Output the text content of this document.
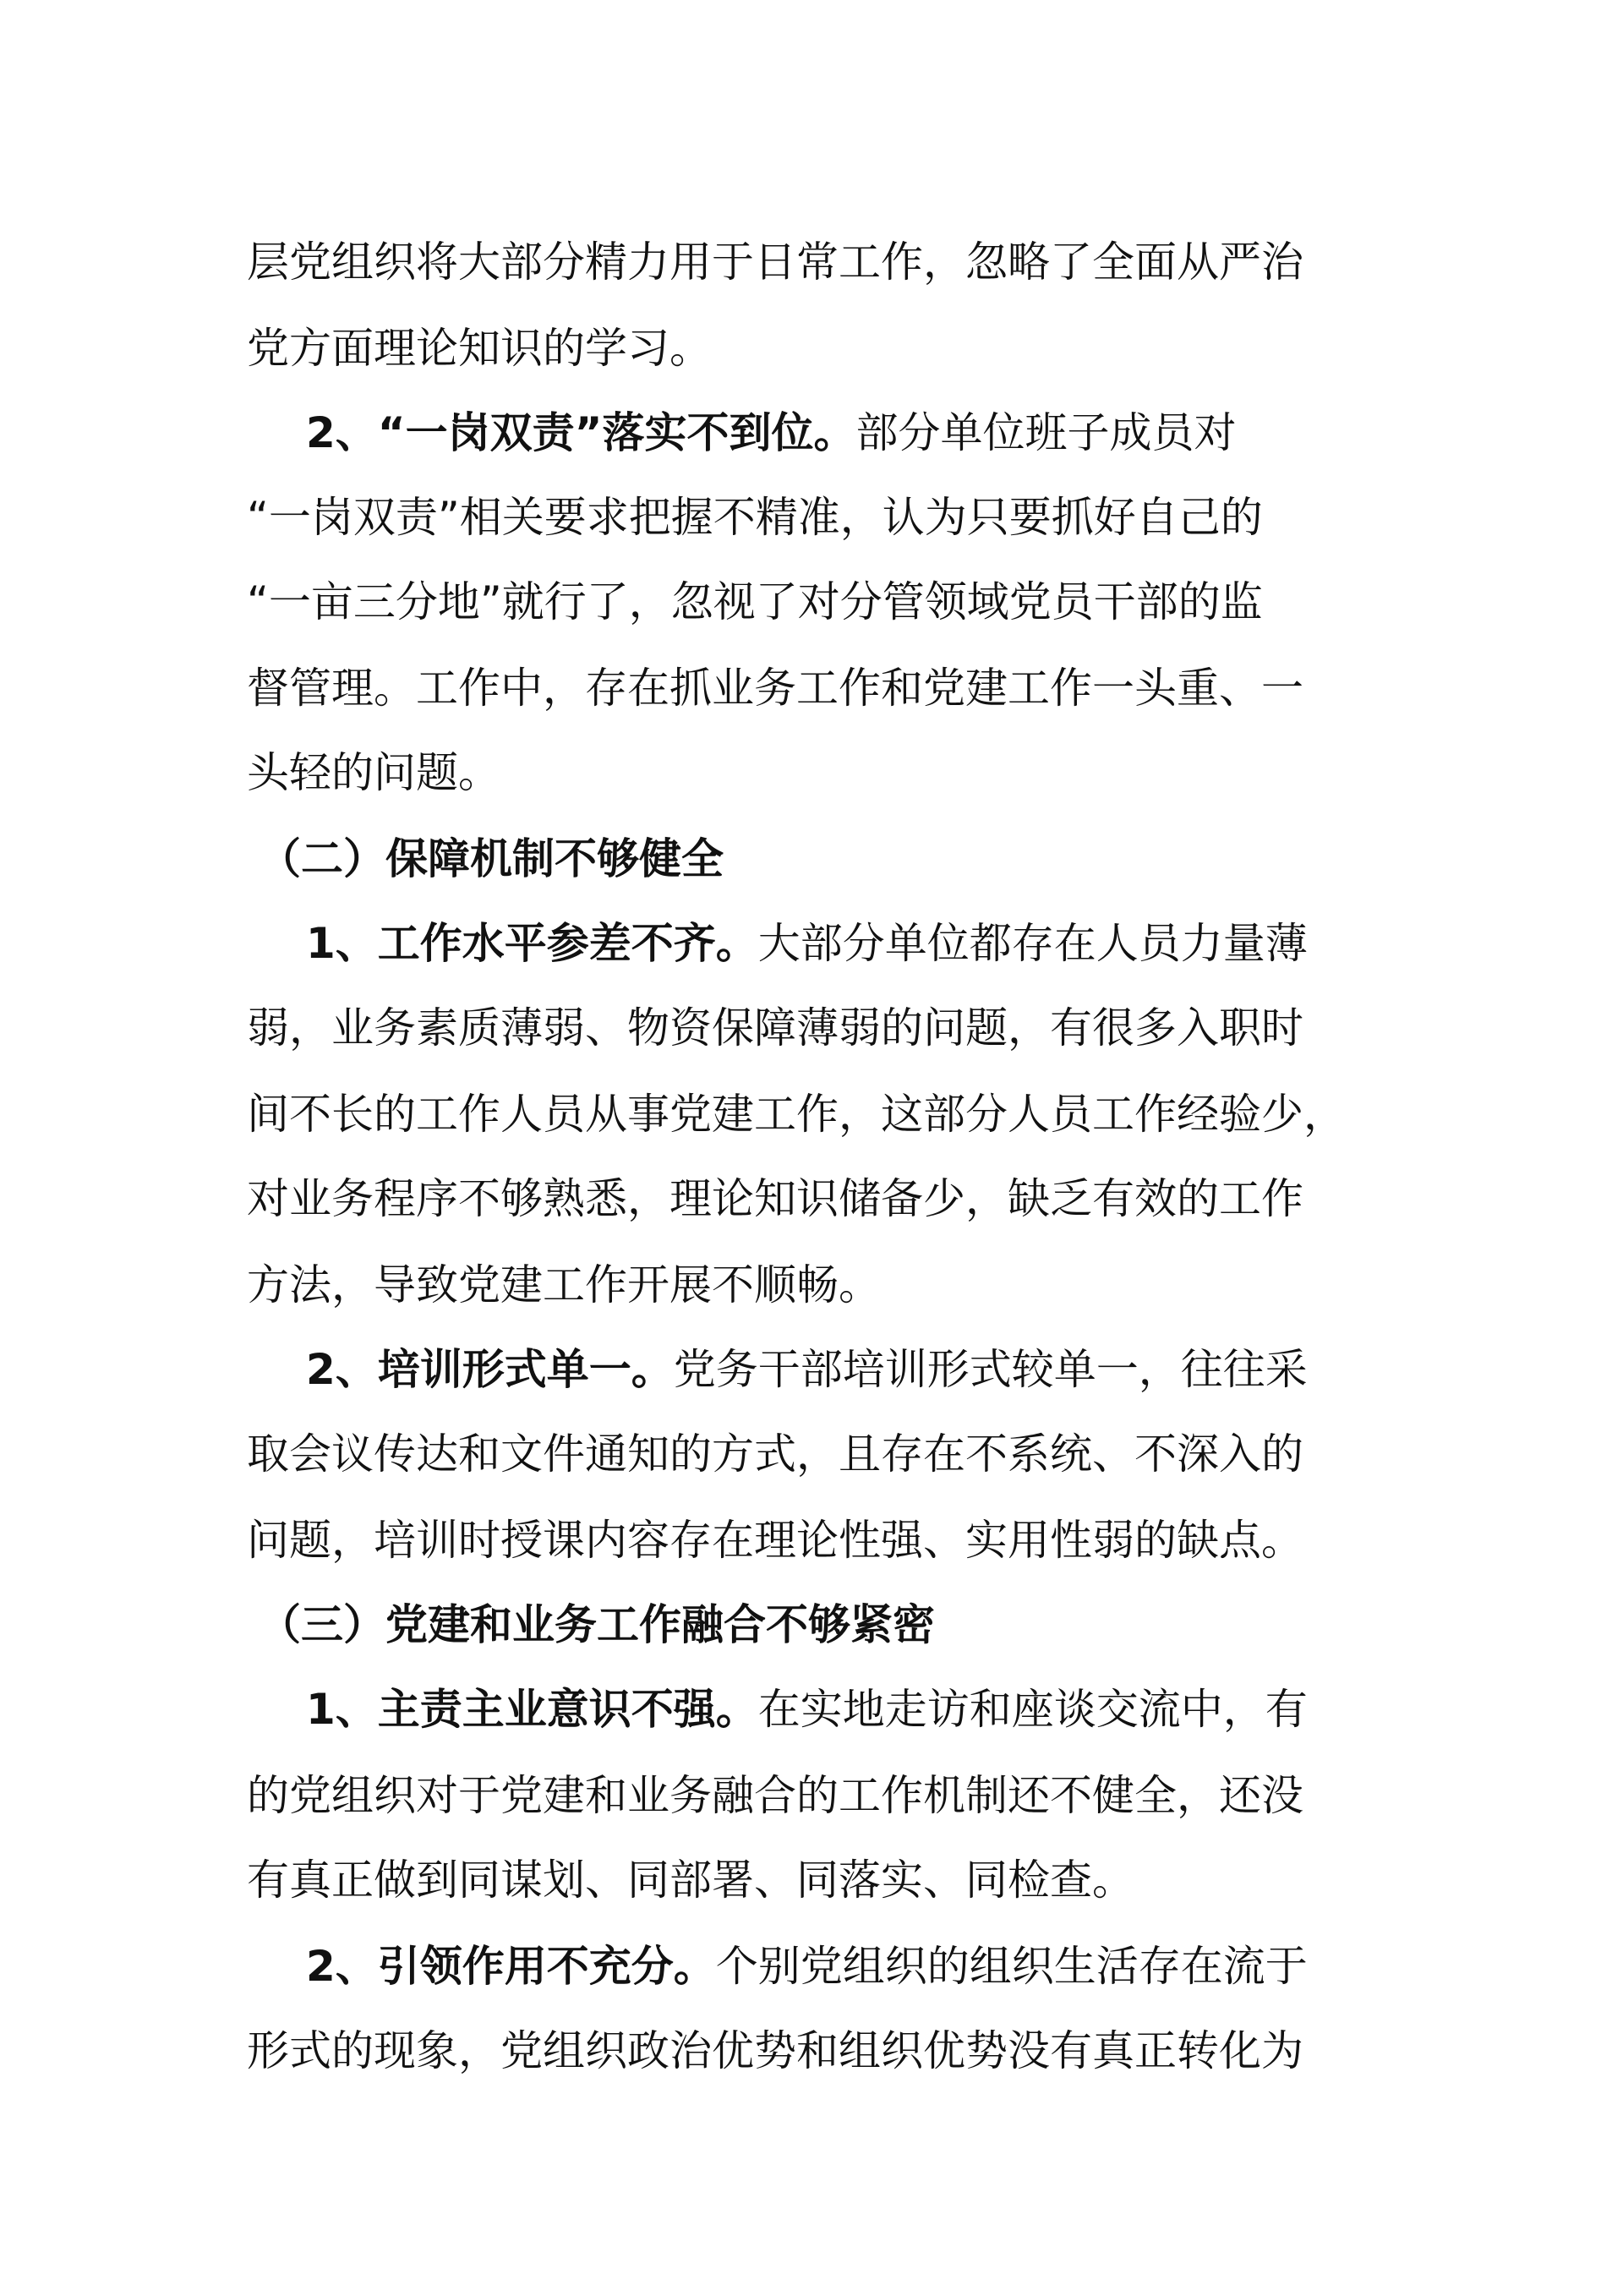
层党组织将大部分精力用于日常工作，忽略了全面从严治
党方面理论知识的学习。
2、“一岗双责”落实不到位。部分单位班子成员对
“一岗双责”相关要求把握不精准，认为只要抓好自己的
“一亩三分地”就行了，忽视了对分管领域党员干部的监
督管理。工作中，存在抓业务工作和党建工作一头重、一
头轻的问题。
（二）保障机制不够健全
1、工作水平参差不齐。大部分单位都存在人员力量薄
弱，业务素质薄弱、物资保障薄弱的问题，有很多入职时
间不长的工作人员从事党建工作，这部分人员工作经验少，
对业务程序不够熟悉，理论知识储备少，缺乏有效的工作
方法，导致党建工作开展不顺畅。
2、培训形式单一。党务干部培训形式较单一，往往采
取会议传达和文件通知的方式，且存在不系统、不深入的
问题，培训时授课内容存在理论性强、实用性弱的缺点。
（三）党建和业务工作融合不够紧密
1、主责主业意识不强。在实地走访和座谈交流中，有
的党组织对于党建和业务融合的工作机制还不健全，还没
有真正做到同谋划、同部署、同落实、同检查。
2、引领作用不充分。个别党组织的组织生活存在流于
形式的现象，党组织政治优势和组织优势没有真正转化为
